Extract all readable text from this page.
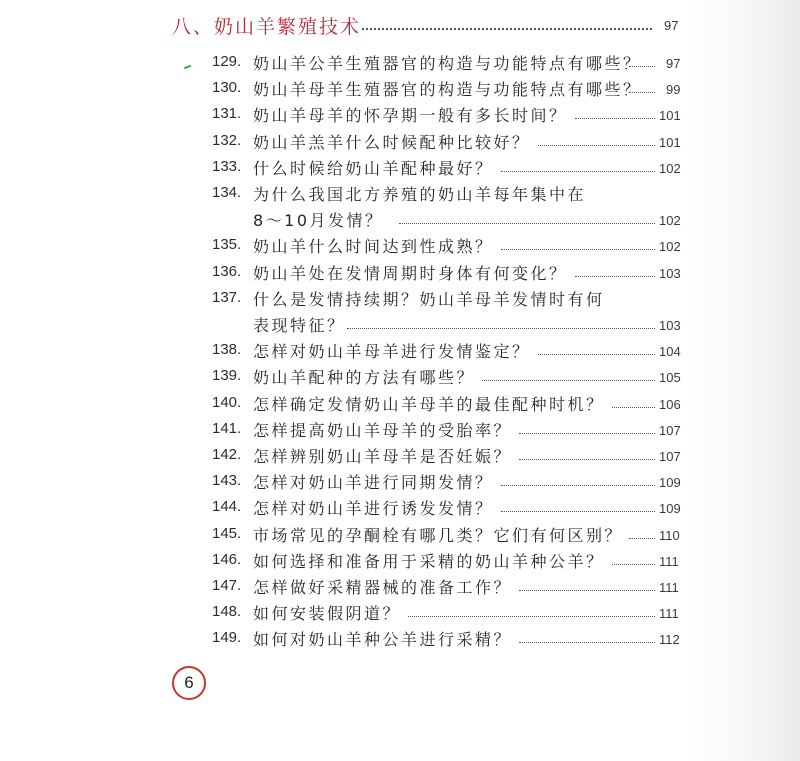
八、奶山羊繁殖技术	97
129. 奶山羊公羊生殖器官的构造与功能特点有哪些？ 97
130. 奶山羊母羊生殖器官的构造与功能特点有哪些？ 99
131. 奶山羊母羊的怀孕期一般有多长时间？	101
132. 奶山羊羔羊什么时候配种比较好？	101
133. 什么时候给奶山羊配种最好？	102
134. 为什么我国北方养殖的奶山羊每年集中在
8～10月发情？	102
135. 奶山羊什么时间达到性成熟？	102
136. 奶山羊处在发情周期时身体有何变化？	103
137. 什么是发情持续期？奶山羊母羊发情时有何
表现特征？	103
138. 怎样对奶山羊母羊进行发情鉴定？	104
139. 奶山羊配种的方法有哪些？	105
140. 怎样确定发情奶山羊母羊的最佳配种时机？	106
141. 怎样提高奶山羊母羊的受胎率？	107
142. 怎样辨别奶山羊母羊是否妊娠？	107
143. 怎样对奶山羊进行同期发情？	109
144. 怎样对奶山羊进行诱发发情？	109
145. 市场常见的孕酮栓有哪几类？它们有何区别？	110
146. 如何选择和准备用于采精的奶山羊种公羊？	111
147. 怎样做好采精器械的准备工作？	111
148. 如何安装假阴道？	111
149. 如何对奶山羊种公羊进行采精？	112
6
